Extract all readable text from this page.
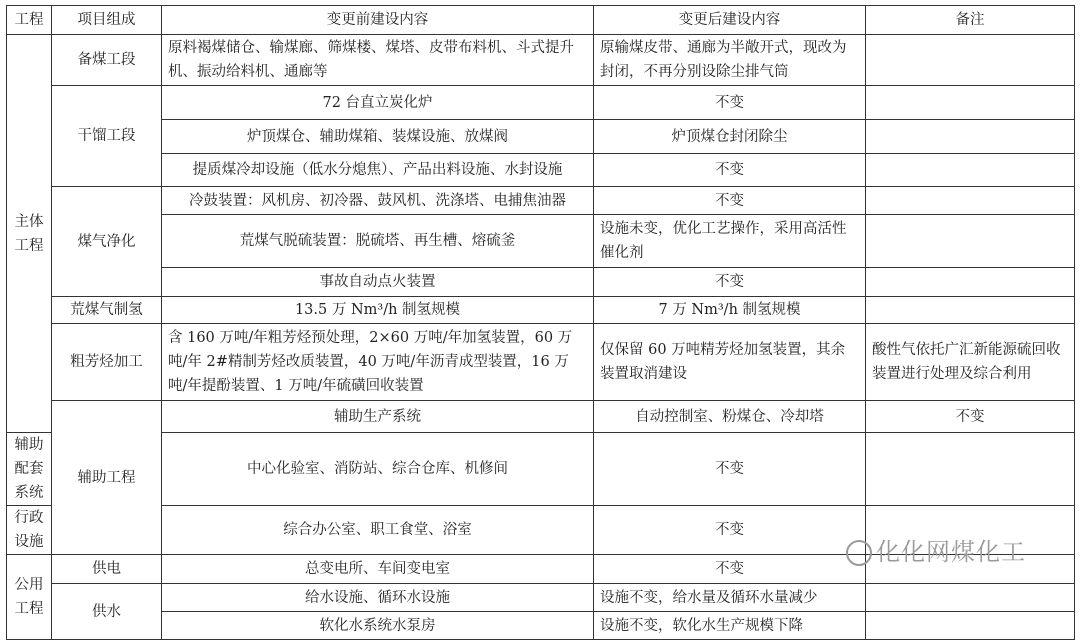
工程	项目组成	变更前建设内容	变更后建设内容	备注	
主体工程	备煤工段	原料褐煤储仓、输煤廊、筛煤楼、煤塔、皮带布料机、斗式提升机、振动给料机、通廊等	原输煤皮带、通廊为半敞开式，现改为封闭，不再分别设除尘排气筒		
	干馏工段	72 台直立炭化炉	不变		
		炉顶煤仓、辅助煤箱、装煤设施、放煤阀	炉顶煤仓封闭除尘		
		提质煤冷却设施（低水分熄焦）、产品出料设施、水封设施	不变		
	煤气净化	冷鼓装置：风机房、初冷器、鼓风机、洗涤塔、电捕焦油器	不变		
		荒煤气脱硫装置：脱硫塔、再生槽、熔硫釜	设施未变，优化工艺操作，采用高活性催化剂		
		事故自动点火装置	不变		
	荒煤气制氢	13.5 万 Nm³/h 制氢规模	7 万 Nm³/h 制氢规模		
	粗芳烃加工	含 160 万吨/年粗芳烃预处理，2×60 万吨/年加氢装置，60 万吨/年 2#精制芳烃改质装置，40 万吨/年沥青成型装置，16 万吨/年提酚装置、1 万吨/年硫磺回收装置	仅保留 60 万吨精芳烃加氢装置，其余装置取消建设	酸性气依托广汇新能源硫回收装置进行处理及综合利用	
	辅助工程	辅助生产系统	自动控制室、粉煤仓、冷却塔	不变	
辅助配套系统		中心化验室、消防站、综合仓库、机修间	不变		
行政设施		综合办公室、职工食堂、浴室	不变		
公用工程	供电	总变电所、车间变电室	不变		
	供水	给水设施、循环水设施	设施不变，给水量及循环水量减少		
		软化水系统水泵房	设施不变，软化水生产规模下降		
化化网煤化工
